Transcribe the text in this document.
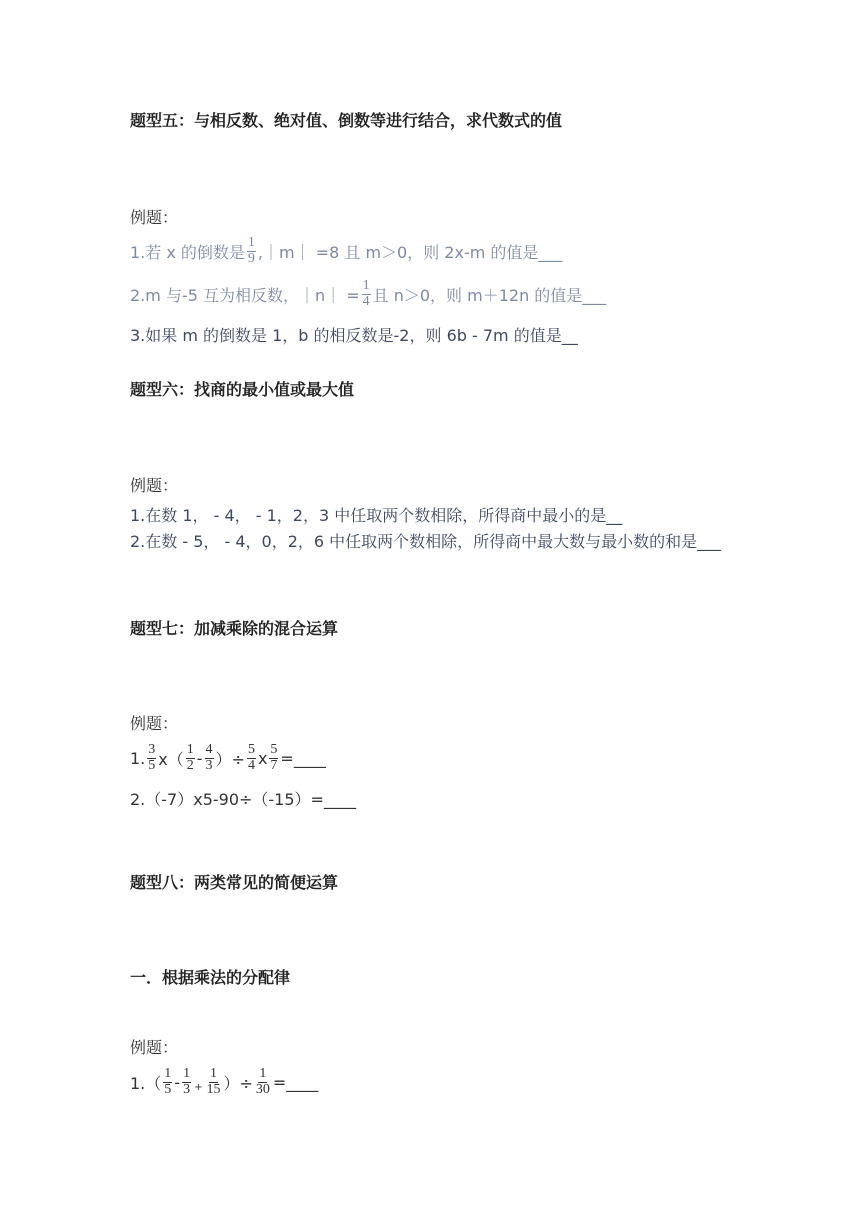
题型五：与相反数、绝对值、倒数等进行结合，求代数式的值
例题：
1.若 x 的倒数是 $\frac{1}{9}$ ,｜m｜ =8 且 m＞0，则 2x-m 的值是___
2.m 与-5 互为相反数，｜n｜ = $\frac{1}{4}$ 且 n＞0，则 m＋12n 的值是___
3.如果 m 的倒数是 1，b 的相反数是-2，则 6b - 7m 的值是__
题型六：找商的最小值或最大值
例题：
1.在数 1， - 4， - 1，2，3 中任取两个数相除，所得商中最小的是__
2.在数 - 5， - 4，0，2，6 中任取两个数相除，所得商中最大数与最小数的和是___
题型七：加减乘除的混合运算
例题：
1. $\frac{3}{5} x( \frac{1}{2} - \frac{4}{3}$ ）÷ $\frac{5}{4}$ x $\frac{5}{7}$ =____
2.（-7）x5-90÷（-15）=____
题型八：两类常见的简便运算
一．根据乘法的分配律
例题：
$1.( \frac{1}{5} - \frac{1}{3} + \frac{1}{15}$ ）÷ $\frac{1}{30}$ =____
